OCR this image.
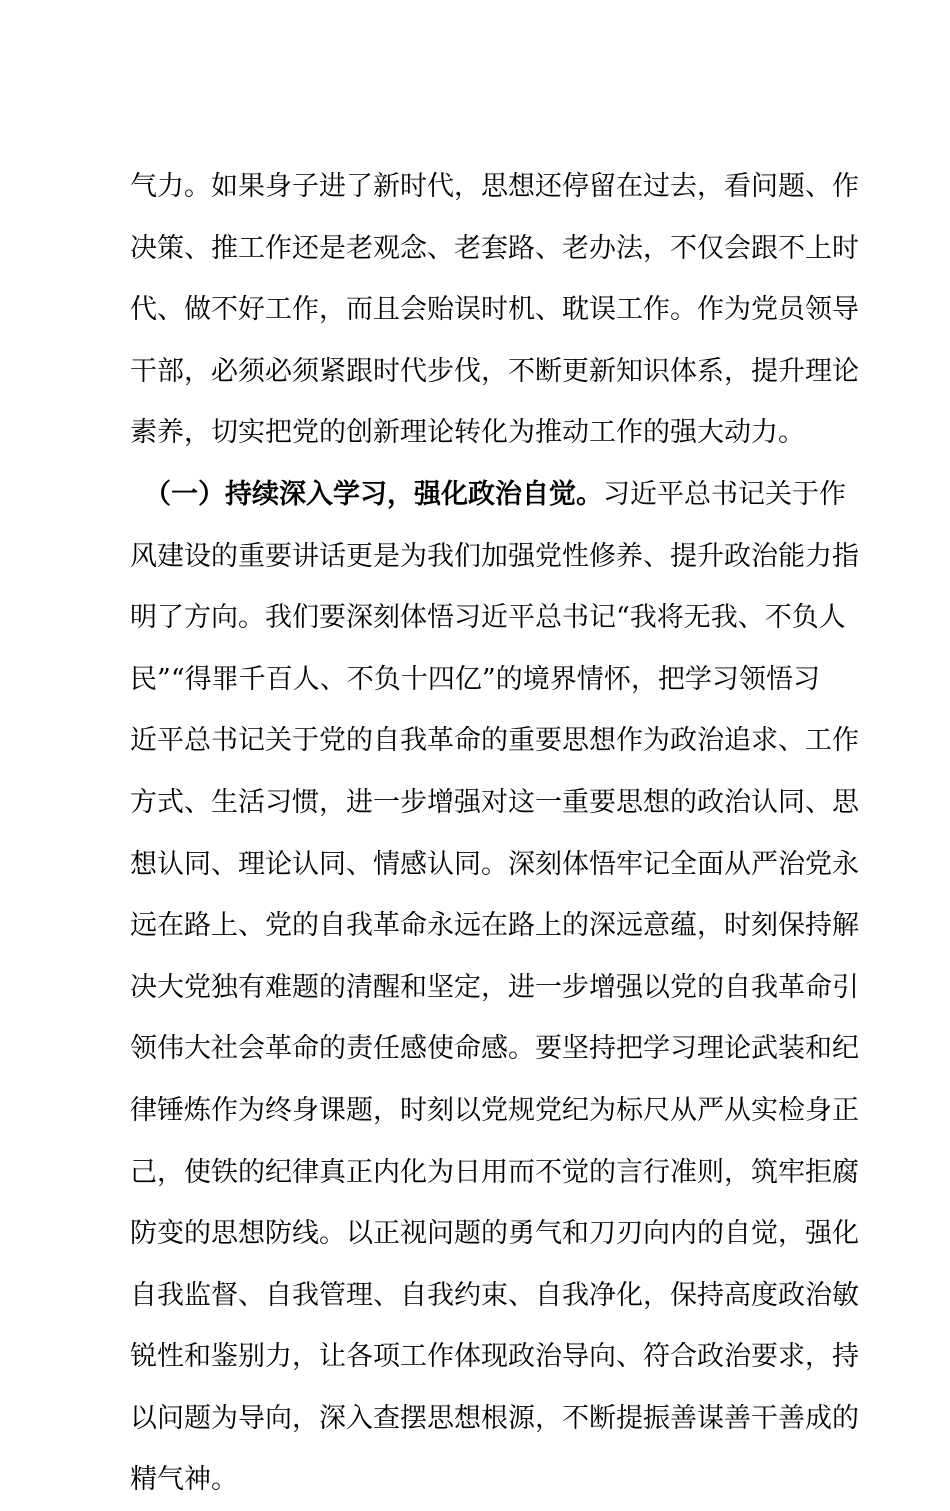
气力。如果身子进了新时代，思想还停留在过去，看问题、作
决策、推工作还是老观念、老套路、老办法，不仅会跟不上时
代、做不好工作，而且会贻误时机、耽误工作。作为党员领导
干部，必须必须紧跟时代步伐，不断更新知识体系，提升理论
素养，切实把党的创新理论转化为推动工作的强大动力。
（一）持续深入学习，强化政治自觉。习近平总书记关于作
风建设的重要讲话更是为我们加强党性修养、提升政治能力指
明了方向。我们要深刻体悟习近平总书记“我将无我、不负人
民”“得罪千百人、不负十四亿”的境界情怀，把学习领悟习
近平总书记关于党的自我革命的重要思想作为政治追求、工作
方式、生活习惯，进一步增强对这一重要思想的政治认同、思
想认同、理论认同、情感认同。深刻体悟牢记全面从严治党永
远在路上、党的自我革命永远在路上的深远意蕴，时刻保持解
决大党独有难题的清醒和坚定，进一步增强以党的自我革命引
领伟大社会革命的责任感使命感。要坚持把学习理论武装和纪
律锤炼作为终身课题，时刻以党规党纪为标尺从严从实检身正
己，使铁的纪律真正内化为日用而不觉的言行准则，筑牢拒腐
防变的思想防线。以正视问题的勇气和刀刃向内的自觉，强化
自我监督、自我管理、自我约束、自我净化，保持高度政治敏
锐性和鉴别力，让各项工作体现政治导向、符合政治要求，持
以问题为导向，深入查摆思想根源，不断提振善谋善干善成的
精气神。
